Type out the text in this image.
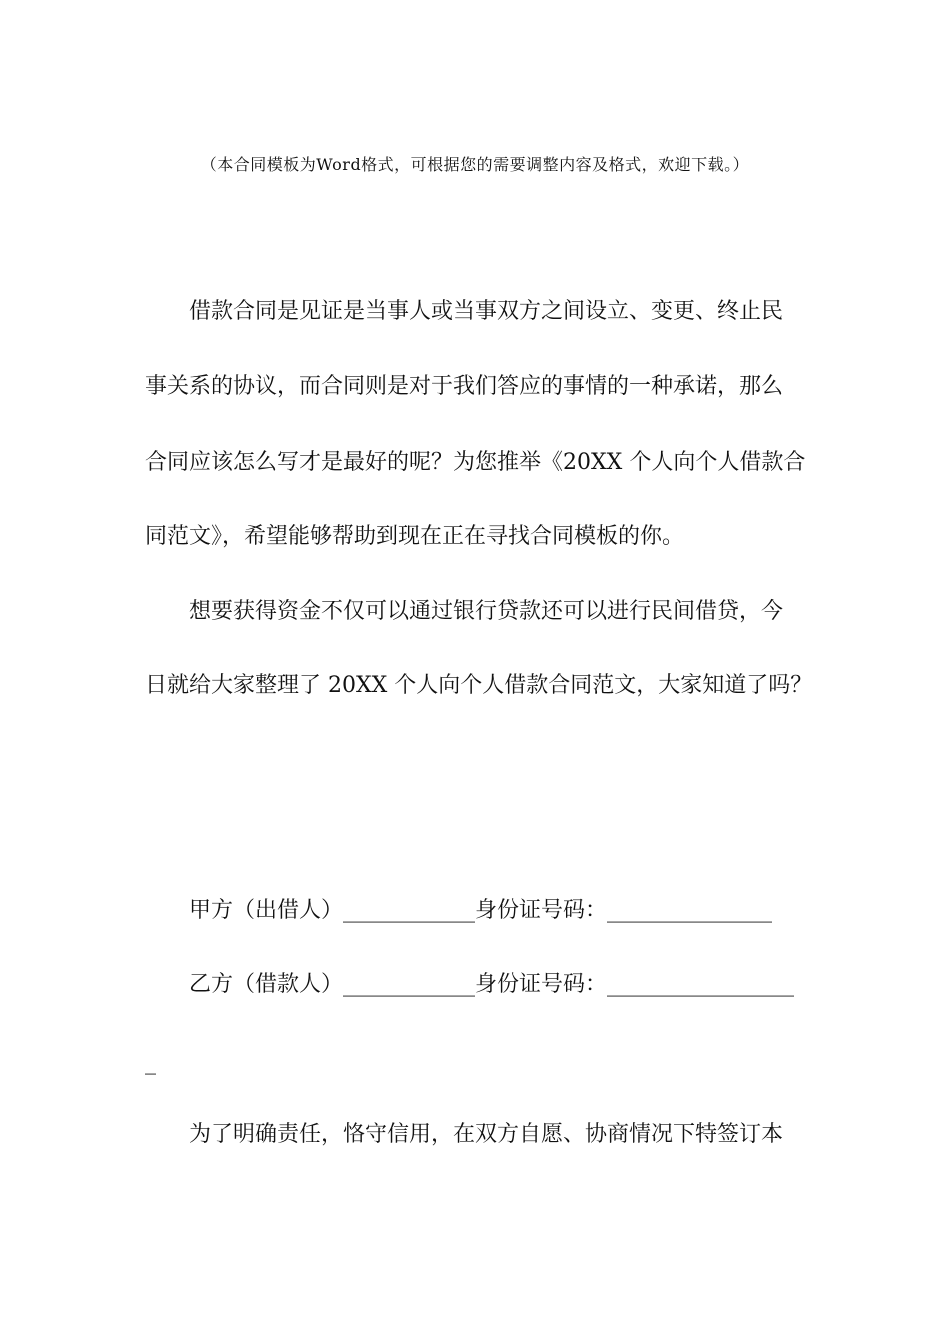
（本合同模板为Word格式，可根据您的需要调整内容及格式，欢迎下载。）
借款合同是见证是当事人或当事双方之间设立、变更、终止民
事关系的协议，而合同则是对于我们答应的事情的一种承诺，那么
合同应该怎么写才是最好的呢？为您推举《20XX 个人向个人借款合
同范文》，希望能够帮助到现在正在寻找合同模板的你。
想要获得资金不仅可以通过银行贷款还可以进行民间借贷，今
日就给大家整理了 20XX 个人向个人借款合同范文，大家知道了吗？
甲方（出借人）____________身份证号码：_______________
乙方（借款人）____________身份证号码：_________________
_
为了明确责任，恪守信用，在双方自愿、协商情况下特签订本
